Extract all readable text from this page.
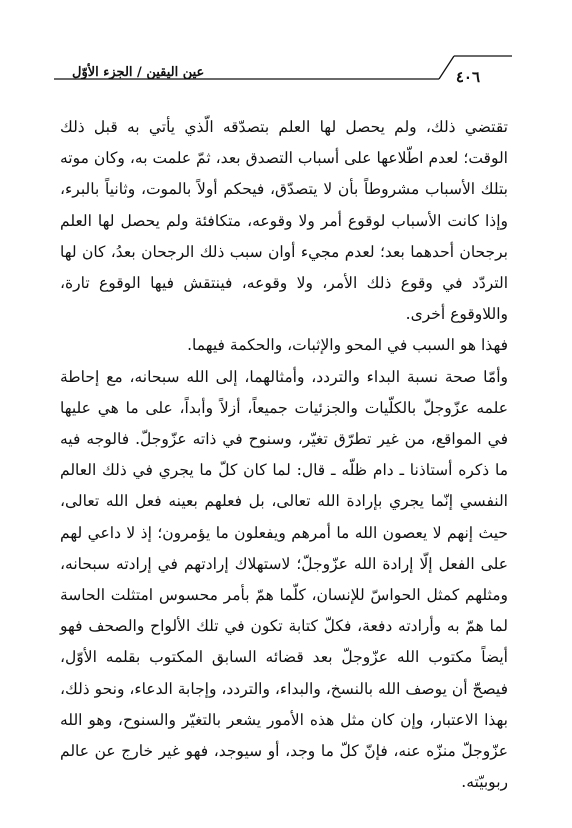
عين اليقين / الجزء الأوّل	٤٠٦

تقتضي ذلك، ولم يحصل لها العلم بتصدّقه الّذي يأتي به قبل ذلك الوقت؛ لعدم اطّلاعها على أسباب التصدق بعد، ثمّ علمت به، وكان موته بتلك الأسباب مشروطاً بأن لا يتصدّق، فيحكم أولاً بالموت، وثانياً بالبرء، وإذا كانت الأسباب لوقوع أمر ولا وقوعه، متكافئة ولم يحصل لها العلم برجحان أحدهما بعد؛ لعدم مجيء أوان سبب ذلك الرجحان بعدُ، كان لها التردّد في وقوع ذلك الأمر، ولا وقوعه، فينتقش فيها الوقوع تارة، واللاوقوع أخرى.

فهذا هو السبب في المحو والإثبات، والحكمة فيهما.

وأمّا صحة نسبة البداء والتردد، وأمثالهما، إلى الله سبحانه، مع إحاطة علمه عزّوجلّ بالكلّيات والجزئيات جميعاً، أزلاً وأبداً، على ما هي عليها في المواقع، من غير تطرّق تغيّر، وسنوح في ذاته عزّوجلّ. فالوجه فيه ما ذكره أستاذنا ـ دام ظلّه ـ قال: لما كان كلّ ما يجري في ذلك العالم النفسي إنّما يجري بإرادة الله تعالى، بل فعلهم بعينه فعل الله تعالى، حيث إنهم لا يعصون الله ما أمرهم ويفعلون ما يؤمرون؛ إذ لا داعي لهم على الفعل إلّا إرادة الله عزّوجلّ؛ لاستهلاك إرادتهم في إرادته سبحانه، ومثلهم كمثل الحواسّ للإنسان، كلّما همّ بأمر محسوس امتثلت الحاسة لما همّ به وأرادته دفعة، فكلّ كتابة تكون في تلك الألواح والصحف فهو أيضاً مكتوب الله عزّوجلّ بعد قضائه السابق المكتوب بقلمه الأوّل، فيصحّ أن يوصف الله بالنسخ، والبداء، والتردد، وإجابة الدعاء، ونحو ذلك، بهذا الاعتبار، وإن كان مثل هذه الأمور يشعر بالتغيّر والسنوح، وهو الله عزّوجلّ منزّه عنه، فإنّ كلّ ما وجد، أو سيوجد، فهو غير خارج عن عالم ربوبيّته.
